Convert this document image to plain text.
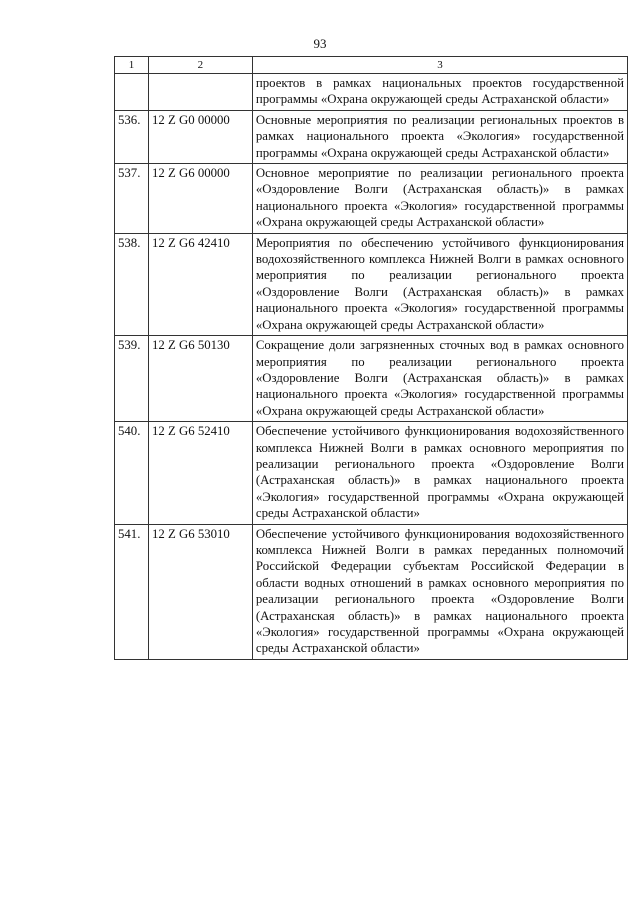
93
1	2	3
		проектов в рамках национальных проектов государственной программы «Охрана окружающей среды Астраханской области»
536.	12 Z G0 00000	Основные мероприятия по реализации региональных проектов в рамках национального проекта «Экология» государственной программы «Охрана окружающей среды Астраханской области»
537.	12 Z G6 00000	Основное мероприятие по реализации регионального проекта «Оздоровление Волги (Астраханская область)» в рамках национального проекта «Экология» государственной программы «Охрана окружающей среды Астраханской области»
538.	12 Z G6 42410	Мероприятия по обеспечению устойчивого функционирования водохозяйственного комплекса Нижней Волги в рамках основного мероприятия по реализации регионального проекта «Оздоровление Волги (Астраханская область)» в рамках национального проекта «Экология» государственной программы «Охрана окружающей среды Астраханской области»
539.	12 Z G6 50130	Сокращение доли загрязненных сточных вод в рамках основного мероприятия по реализации регионального проекта «Оздоровление Волги (Астраханская область)» в рамках национального проекта «Экология» государственной программы «Охрана окружающей среды Астраханской области»
540.	12 Z G6 52410	Обеспечение устойчивого функционирования водохозяйственного комплекса Нижней Волги в рамках основного мероприятия по реализации регионального проекта «Оздоровление Волги (Астраханская область)» в рамках национального проекта «Экология» государственной программы «Охрана окружающей среды Астраханской области»
541.	12 Z G6 53010	Обеспечение устойчивого функционирования водохозяйственного комплекса Нижней Волги в рамках переданных полномочий Российской Федерации субъектам Российской Федерации в области водных отношений в рамках основного мероприятия по реализации регионального проекта «Оздоровление Волги (Астраханская область)» в рамках национального проекта «Экология» государственной программы «Охрана окружающей среды Астраханской области»
